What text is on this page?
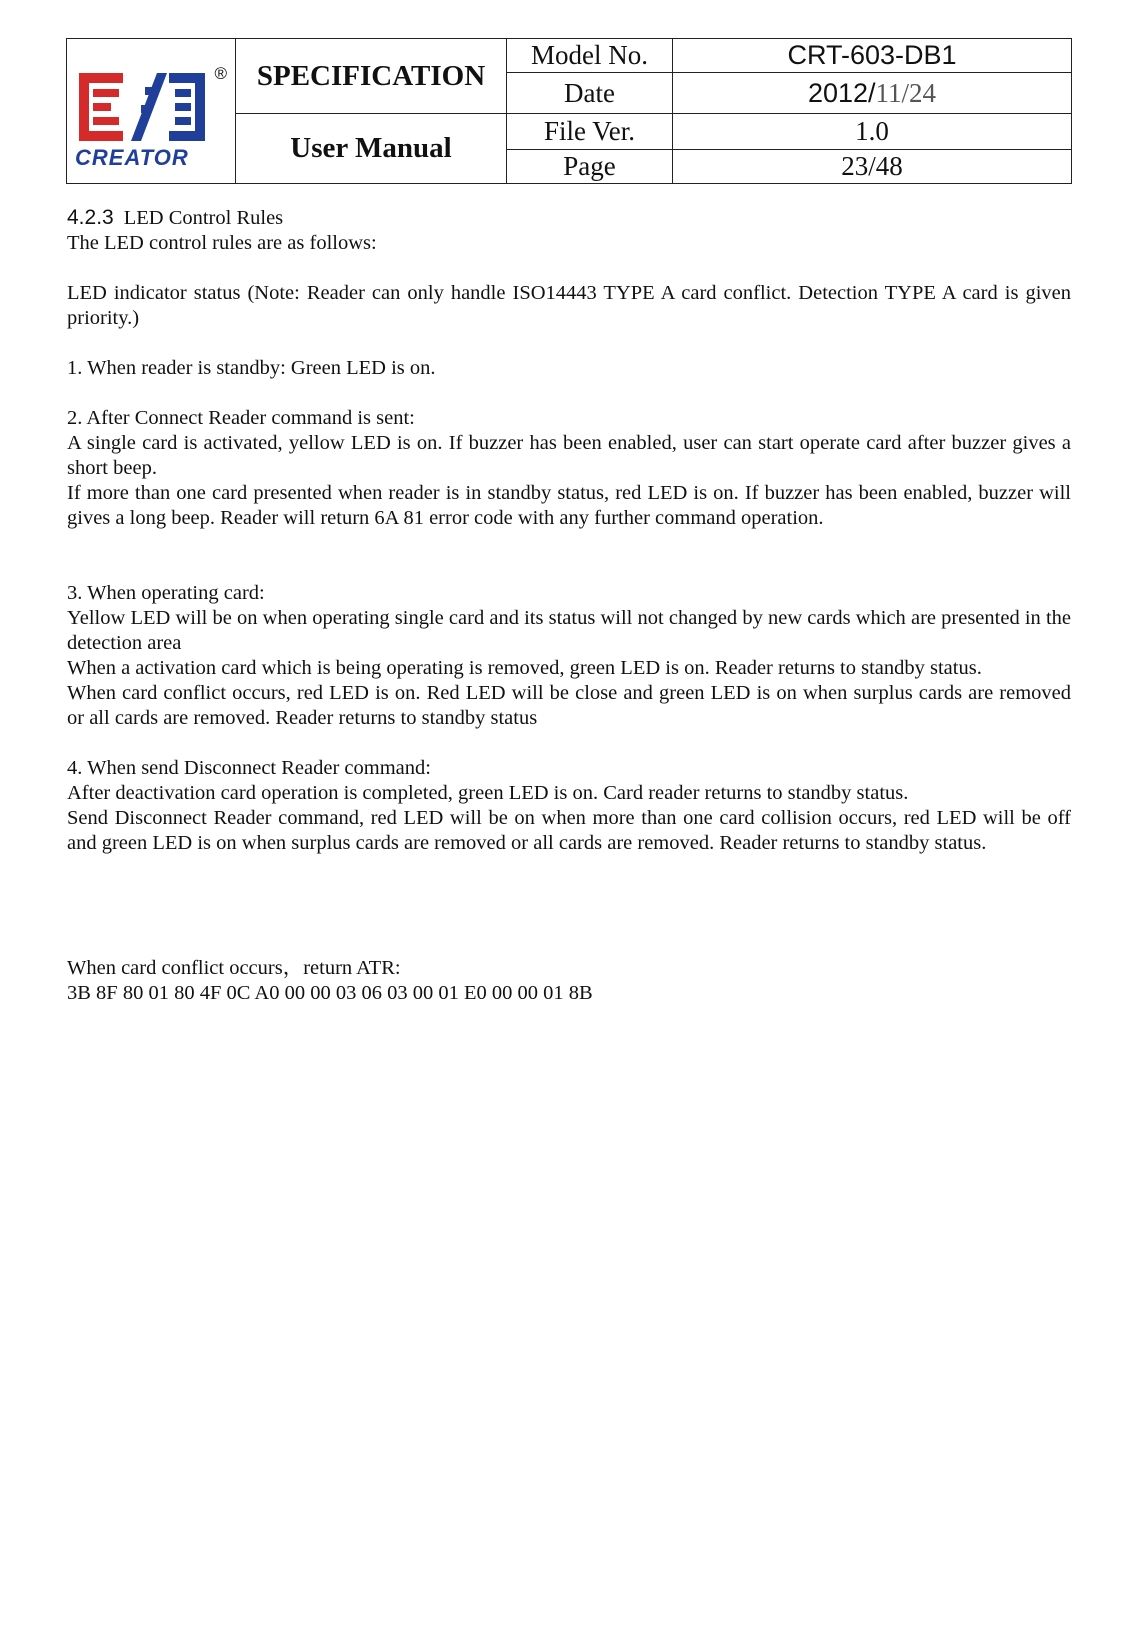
®
CREATOR	SPECIFICATION	Model No.	CRT-603-DB1
		Date	2012/11/24
	User Manual	File Ver.	1.0
		Page	23/48

4.2.3 LED Control Rules

The LED control rules are as follows:

LED indicator status (Note: Reader can only handle ISO14443 TYPE A card conflict. Detection TYPE A card is given priority.)

1. When reader is standby: Green LED is on.

2. After Connect Reader command is sent:

A single card is activated, yellow LED is on. If buzzer has been enabled, user can start operate card after buzzer gives a short beep.

If more than one card presented when reader is in standby status, red LED is on. If buzzer has been enabled, buzzer will gives a long beep. Reader will return 6A 81 error code with any further command operation.

3. When operating card:

Yellow LED will be on when operating single card and its status will not changed by new cards which are presented in the detection area

When a activation card which is being operating is removed, green LED is on. Reader returns to standby status.

When card conflict occurs, red LED is on. Red LED will be close and green LED is on when surplus cards are removed or all cards are removed. Reader returns to standby status

4. When send Disconnect Reader command:

After deactivation card operation is completed, green LED is on. Card reader returns to standby status.

Send Disconnect Reader command, red LED will be on when more than one card collision occurs, red LED will be off and green LED is on when surplus cards are removed or all cards are removed. Reader returns to standby status.

When card conflict occurs，return ATR:

3B 8F 80 01 80 4F 0C A0 00 00 03 06 03 00 01 E0 00 00 01 8B
